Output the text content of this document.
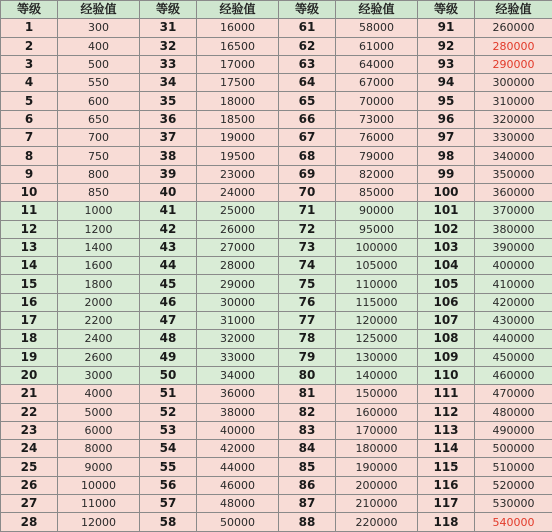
等级	经验值	等级	经验值	等级	经验值	等级	经验值
1	300	31	16000	61	58000	91	260000
2	400	32	16500	62	61000	92	280000
3	500	33	17000	63	64000	93	290000
4	550	34	17500	64	67000	94	300000
5	600	35	18000	65	70000	95	310000
6	650	36	18500	66	73000	96	320000
7	700	37	19000	67	76000	97	330000
8	750	38	19500	68	79000	98	340000
9	800	39	23000	69	82000	99	350000
10	850	40	24000	70	85000	100	360000
11	1000	41	25000	71	90000	101	370000
12	1200	42	26000	72	95000	102	380000
13	1400	43	27000	73	100000	103	390000
14	1600	44	28000	74	105000	104	400000
15	1800	45	29000	75	110000	105	410000
16	2000	46	30000	76	115000	106	420000
17	2200	47	31000	77	120000	107	430000
18	2400	48	32000	78	125000	108	440000
19	2600	49	33000	79	130000	109	450000
20	3000	50	34000	80	140000	110	460000
21	4000	51	36000	81	150000	111	470000
22	5000	52	38000	82	160000	112	480000
23	6000	53	40000	83	170000	113	490000
24	8000	54	42000	84	180000	114	500000
25	9000	55	44000	85	190000	115	510000
26	10000	56	46000	86	200000	116	520000
27	11000	57	48000	87	210000	117	530000
28	12000	58	50000	88	220000	118	540000
